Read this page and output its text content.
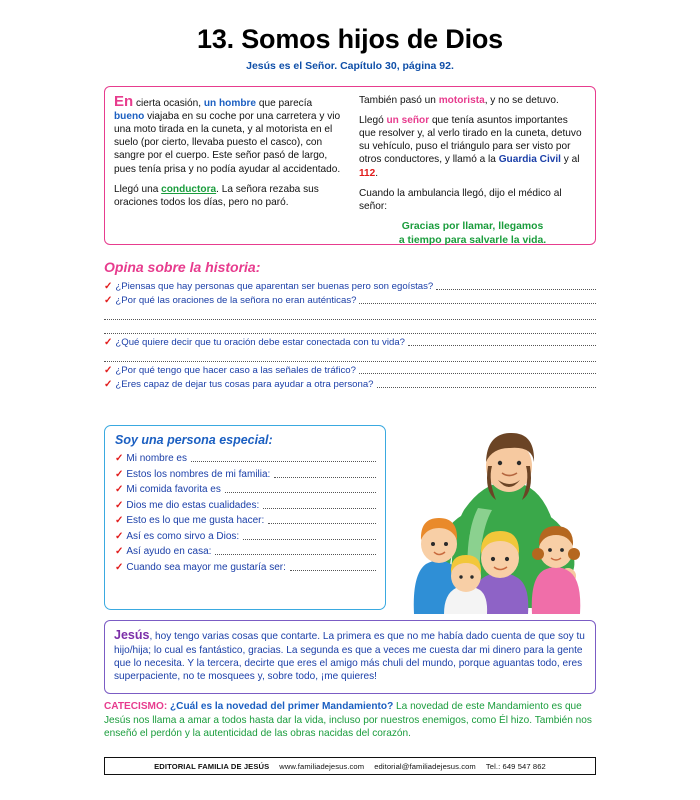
13. Somos hijos de Dios
Jesús es el Señor. Capítulo 30, página 92.

En cierta ocasión, un hombre que parecía bueno viajaba en su coche por una carretera y vio una moto tirada en la cuneta, y al motorista en el suelo (por cierto, llevaba puesto el casco), con sangre por el cuerpo. Este señor pasó de largo, pues tenía prisa y no podía ayudar al accidentado.

Llegó una conductora. La señora rezaba sus oraciones todos los días, pero no paró.

También pasó un motorista, y no se detuvo.

Llegó un señor que tenía asuntos importantes que resolver y, al verlo tirado en la cuneta, detuvo su vehículo, puso el triángulo para ser visto por otros conductores, y llamó a la Guardia Civil y al 112.

Cuando la ambulancia llegó, dijo el médico al señor:

Gracias por llamar, llegamos
a tiempo para salvarle la vida.
Opina sobre la historia:
✓ ¿Piensas que hay personas que aparentan ser buenas pero son egoístas?
✓ ¿Por qué las oraciones de la señora no eran auténticas?
✓ ¿Qué quiere decir que tu oración debe estar conectada con tu vida?
✓ ¿Por qué tengo que hacer caso a las señales de tráfico?
✓ ¿Eres capaz de dejar tus cosas para ayudar a otra persona?
Soy una persona especial:
✓ Mi nombre es
✓ Estos los nombres de mi familia:
✓ Mi comida favorita es
✓ Dios me dio estas cualidades:
✓ Esto es lo que me gusta hacer:
✓ Así es como sirvo a Dios:
✓ Así ayudo en casa:
✓ Cuando sea mayor me gustaría ser:
Jesús, hoy tengo varias cosas que contarte. La primera es que no me había dado cuenta de que soy tu hijo/hija; lo cual es fantástico, gracias. La segunda es que a veces me cuesta dar mi dinero para la gente que lo necesita. Y la tercera, decirte que eres el amigo más chuli del mundo, porque aguantas todo, eres superpaciente, no te mosquees y, sobre todo, ¡me quieres!
CATECISMO: ¿Cuál es la novedad del primer Mandamiento? La novedad de este Mandamiento es que Jesús nos llama a amar a todos hasta dar la vida, incluso por nuestros enemigos, como Él hizo. También nos enseñó el perdón y la autenticidad de las obras nacidas del corazón.
EDITORIAL FAMILIA DE JESÚS www.familiadejesus.com editorial@familiadejesus.com Tel.: 649 547 862
